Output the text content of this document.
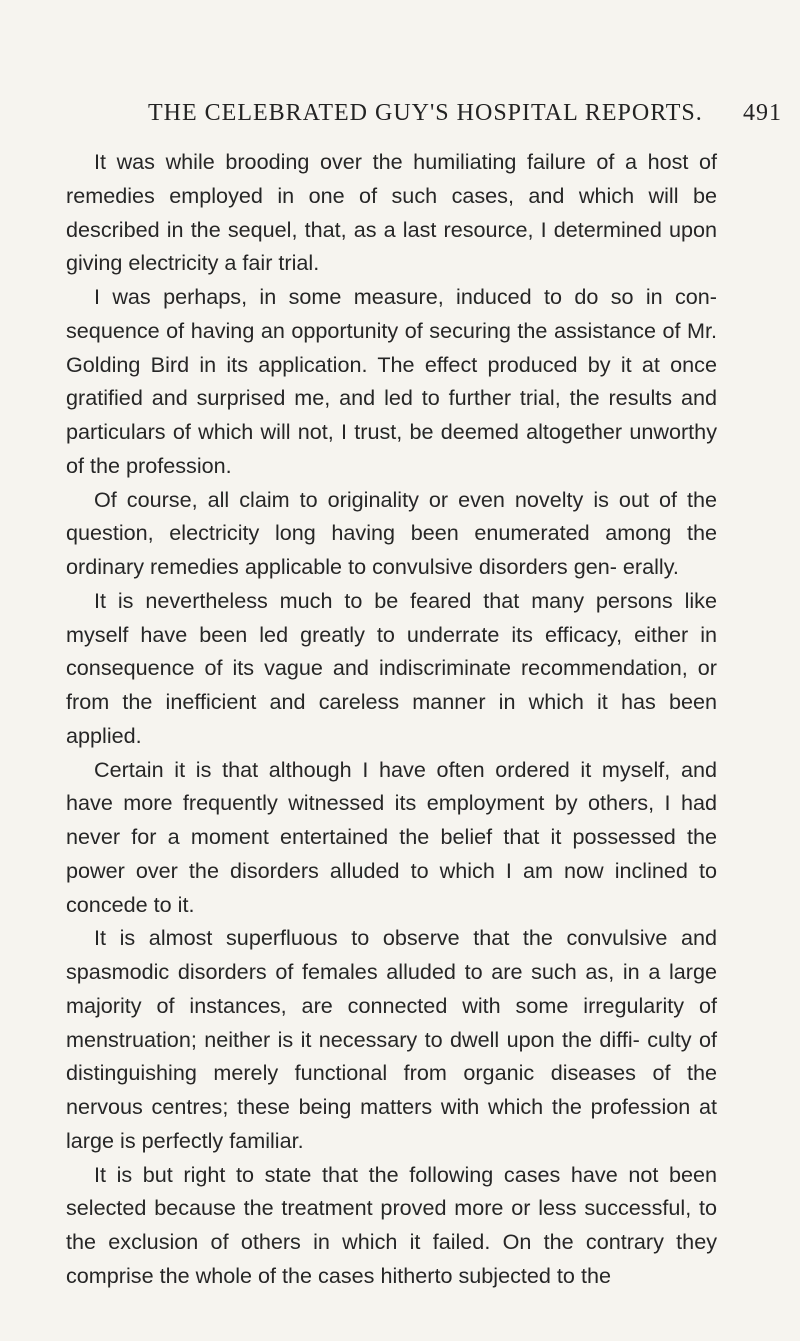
THE CELEBRATED GUY'S HOSPITAL REPORTS. 491

It was while brooding over the humiliating failure of a host of remedies employed in one of such cases, and which will be described in the sequel, that, as a last resource, I determined upon giving electricity a fair trial.

I was perhaps, in some measure, induced to do so in con- sequence of having an opportunity of securing the assistance of Mr. Golding Bird in its application. The effect produced by it at once gratified and surprised me, and led to further trial, the results and particulars of which will not, I trust, be deemed altogether unworthy of the profession.

Of course, all claim to originality or even novelty is out of the question, electricity long having been enumerated among the ordinary remedies applicable to convulsive disorders gen- erally.

It is nevertheless much to be feared that many persons like myself have been led greatly to underrate its efficacy, either in consequence of its vague and indiscriminate recommendation, or from the inefficient and careless manner in which it has been applied.

Certain it is that although I have often ordered it myself, and have more frequently witnessed its employment by others, I had never for a moment entertained the belief that it possessed the power over the disorders alluded to which I am now inclined to concede to it.

It is almost superfluous to observe that the convulsive and spasmodic disorders of females alluded to are such as, in a large majority of instances, are connected with some irregularity of menstruation; neither is it necessary to dwell upon the diffi- culty of distinguishing merely functional from organic diseases of the nervous centres; these being matters with which the profession at large is perfectly familiar.

It is but right to state that the following cases have not been selected because the treatment proved more or less successful, to the exclusion of others in which it failed. On the contrary they comprise the whole of the cases hitherto subjected to the
